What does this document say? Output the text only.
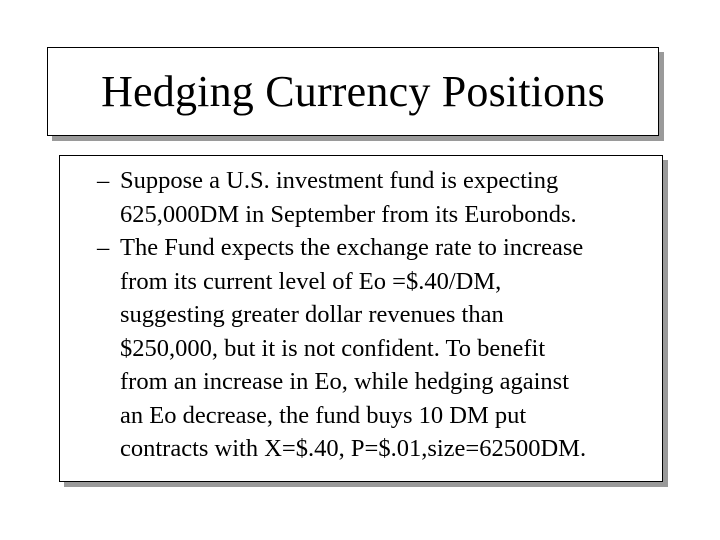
Hedging Currency Positions
– Suppose a U.S. investment fund is expecting
625,000DM in September from its Eurobonds.
– The Fund expects the exchange rate to increase
from its current level of Eo =$.40/DM,
suggesting greater dollar revenues than
$250,000, but it is not confident. To benefit
from an increase in Eo, while hedging against
an Eo decrease, the fund buys 10 DM put
contracts with X=$.40, P=$.01,size=62500DM.
